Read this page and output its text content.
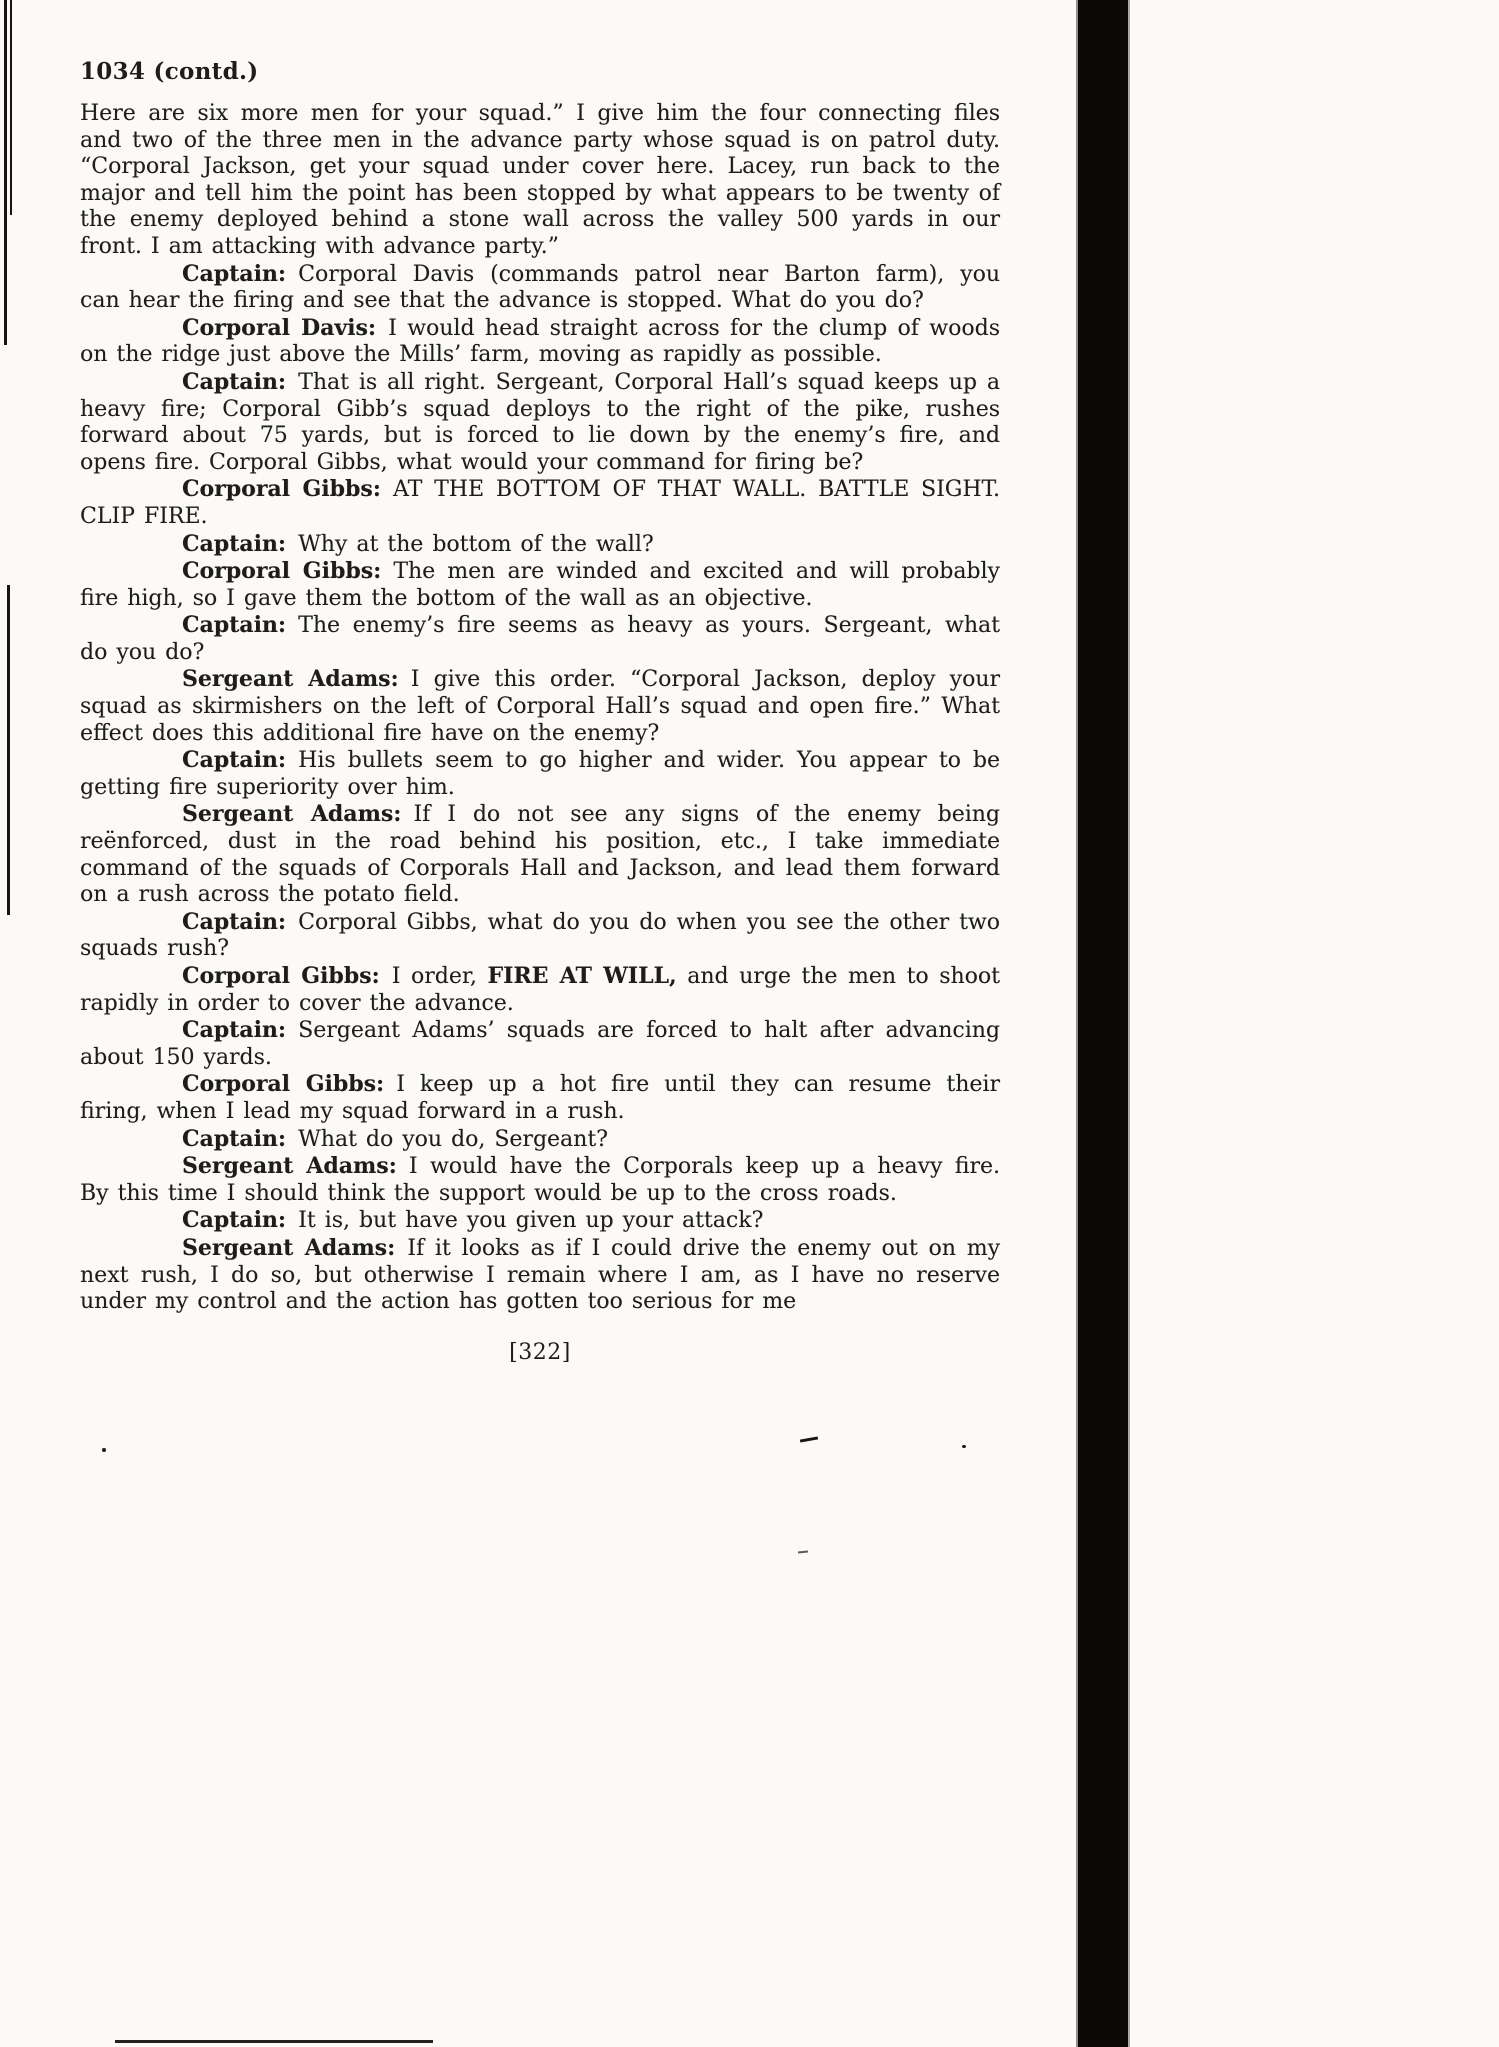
1034 (contd.)

Here are six more men for your squad.” I give him the four connecting files and two of the three men in the advance party whose squad is on patrol duty. “Corporal Jackson, get your squad under cover here. Lacey, run back to the major and tell him the point has been stopped by what appears to be twenty of the enemy deployed behind a stone wall across the valley 500 yards in our front. I am attacking with advance party.”

Captain: Corporal Davis (commands patrol near Barton farm), you can hear the firing and see that the advance is stopped. What do you do?

Corporal Davis: I would head straight across for the clump of woods on the ridge just above the Mills’ farm, moving as rapidly as possible.

Captain: That is all right. Sergeant, Corporal Hall’s squad keeps up a heavy fire; Corporal Gibb’s squad deploys to the right of the pike, rushes forward about 75 yards, but is forced to lie down by the enemy’s fire, and opens fire. Corporal Gibbs, what would your command for firing be?

Corporal Gibbs: AT THE BOTTOM OF THAT WALL. BATTLE SIGHT. CLIP FIRE.

Captain: Why at the bottom of the wall?

Corporal Gibbs: The men are winded and excited and will probably fire high, so I gave them the bottom of the wall as an objective.

Captain: The enemy’s fire seems as heavy as yours. Sergeant, what do you do?

Sergeant Adams: I give this order. “Corporal Jackson, deploy your squad as skirmishers on the left of Corporal Hall’s squad and open fire.” What effect does this additional fire have on the enemy?

Captain: His bullets seem to go higher and wider. You appear to be getting fire superiority over him.

Sergeant Adams: If I do not see any signs of the enemy being reënforced, dust in the road behind his position, etc., I take immediate command of the squads of Corporals Hall and Jackson, and lead them forward on a rush across the potato field.

Captain: Corporal Gibbs, what do you do when you see the other two squads rush?

Corporal Gibbs: I order, FIRE AT WILL, and urge the men to shoot rapidly in order to cover the advance.

Captain: Sergeant Adams’ squads are forced to halt after advancing about 150 yards.

Corporal Gibbs: I keep up a hot fire until they can resume their firing, when I lead my squad forward in a rush.

Captain: What do you do, Sergeant?

Sergeant Adams: I would have the Corporals keep up a heavy fire. By this time I should think the support would be up to the cross roads.

Captain: It is, but have you given up your attack?

Sergeant Adams: If it looks as if I could drive the enemy out on my next rush, I do so, but otherwise I remain where I am, as I have no reserve under my control and the action has gotten too serious for me

[322]
